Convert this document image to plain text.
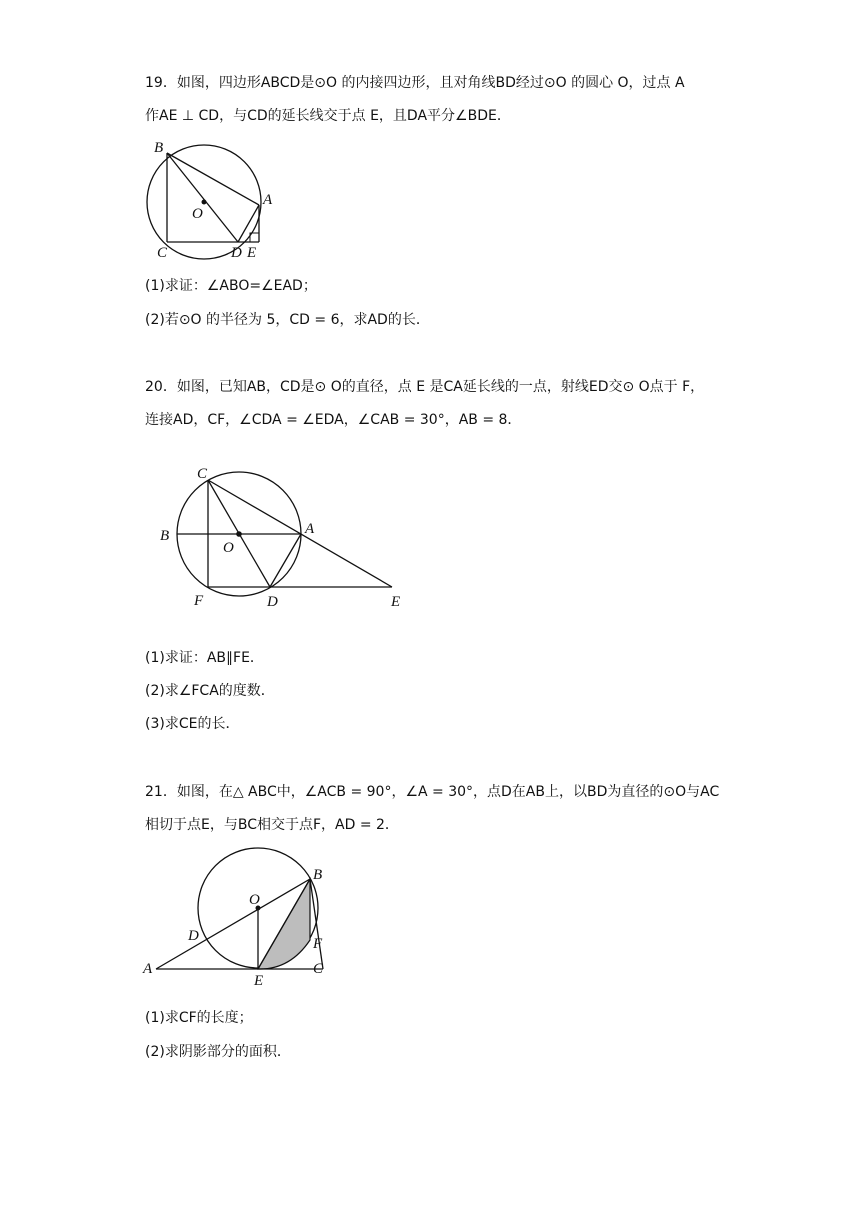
19．如图，四边形ABCD是⊙O 的内接四边形，且对角线BD经过⊙O 的圆心 O，过点 A
作AE ⊥ CD，与CD的延长线交于点 E，且DA平分∠BDE．
B
A
O
C	D E
(1)求证：∠ABO=∠EAD；
(2)若⊙O 的半径为 5，CD = 6，求AD的长．
20．如图，已知AB，CD是⊙ O的直径，点 E 是CA延长线的一点，射线ED交⊙ O点于 F，
连接AD，CF，∠CDA = ∠EDA，∠CAB = 30°，AB = 8．
C
B
O
A
F	D	E
(1)求证：AB∥FE．
(2)求∠FCA的度数．
(3)求CE的长．
21．如图，在△ ABC中，∠ACB = 90°，∠A = 30°，点D在AB上，以BD为直径的⊙O与AC
相切于点E，与BC相交于点F，AD = 2．
O
B
D	F
A
E
C
(1)求CF的长度；
(2)求阴影部分的面积．
